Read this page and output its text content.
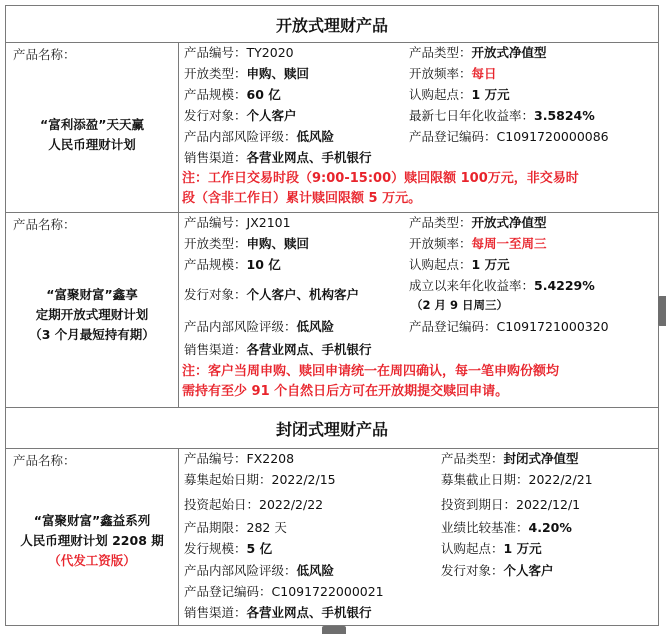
开放式理财产品
产品名称：
“富利添盈”天天赢
人民币理财计划
产品编号：TY2020	产品类型：开放式净值型
开放类型：申购、赎回	开放频率：每日
产品规模：60 亿	认购起点：1 万元
发行对象：个人客户	最新七日年化收益率：3.5824%
产品内部风险评级：低风险	产品登记编码：C1091720000086
销售渠道：各营业网点、手机银行
注：工作日交易时段（9:00-15:00）赎回限额 100万元，非交易时
段（含非工作日）累计赎回限额 5 万元。
产品名称：
“富聚财富”鑫享
定期开放式理财计划
（3 个月最短持有期）
产品编号：JX2101	产品类型：开放式净值型
开放类型：申购、赎回	开放频率：每周一至周三
产品规模：10 亿	认购起点：1 万元
发行对象：个人客户、机构客户
成立以来年化收益率：5.4229%
（2 月 9 日周三）
产品内部风险评级：低风险	产品登记编码：C1091721000320
销售渠道：各营业网点、手机银行
注：客户当周申购、赎回申请统一在周四确认，每一笔申购份额均
需持有至少 91 个自然日后方可在开放期提交赎回申请。
封闭式理财产品
产品名称：
“富聚财富”鑫益系列
人民币理财计划 2208 期
（代发工资版）
产品编号：FX2208	产品类型：封闭式净值型
募集起始日期：2022/2/15	募集截止日期：2022/2/21
投资起始日：2022/2/22	投资到期日：2022/12/1
产品期限：282 天	业绩比较基准：4.20%
发行规模：5 亿	认购起点：1 万元
产品内部风险评级：低风险	发行对象：个人客户
产品登记编码：C1091722000021
销售渠道：各营业网点、手机银行
